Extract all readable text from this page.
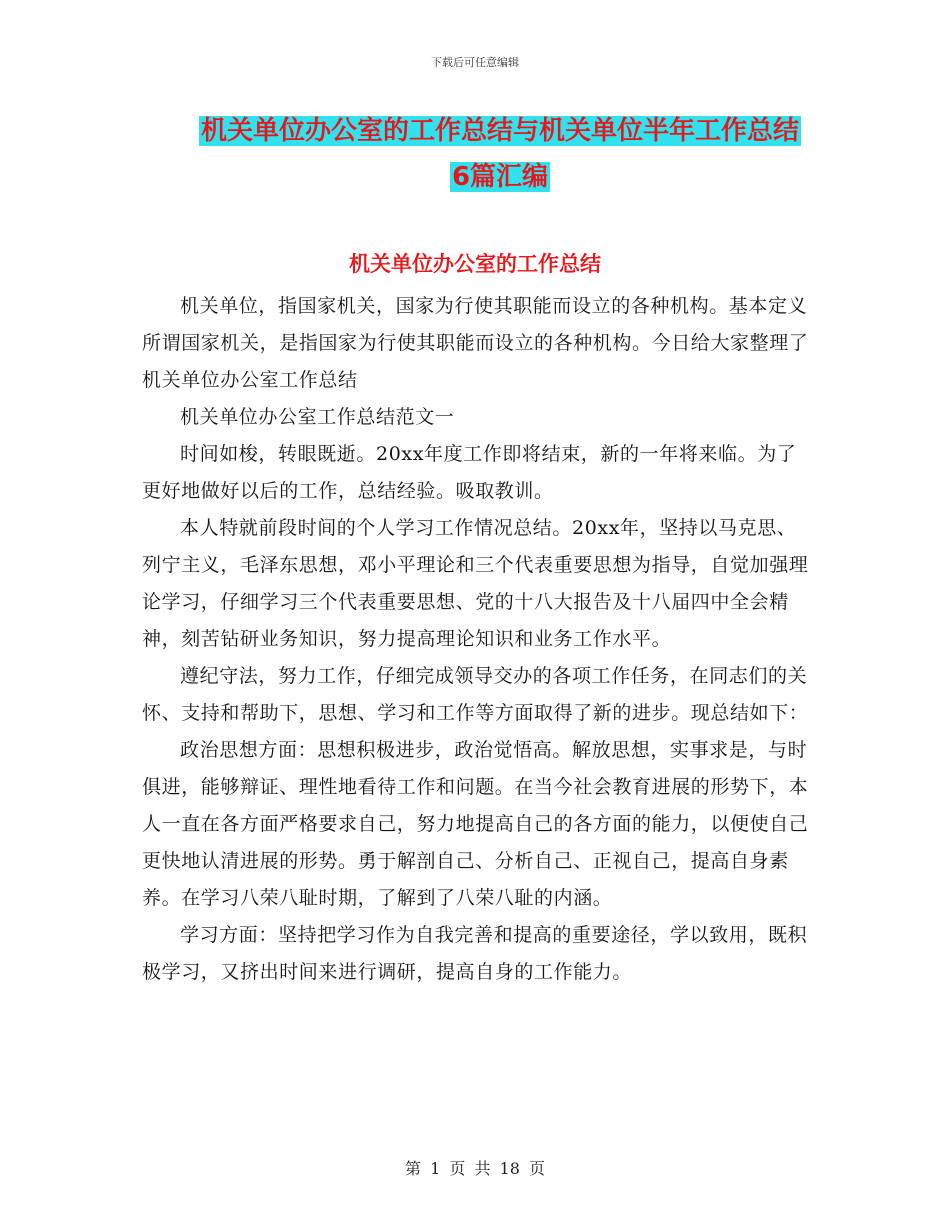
下载后可任意编辑
机关单位办公室的工作总结与机关单位半年工作总结
6篇汇编
机关单位办公室的工作总结

机关单位，指国家机关，国家为行使其职能而设立的各种机构。基本定义所谓国家机关，是指国家为行使其职能而设立的各种机构。今日给大家整理了机关单位办公室工作总结

机关单位办公室工作总结范文一

时间如梭，转眼既逝。20xx年度工作即将结束，新的一年将来临。为了更好地做好以后的工作，总结经验。吸取教训。

本人特就前段时间的个人学习工作情况总结。20xx年，坚持以马克思、列宁主义，毛泽东思想，邓小平理论和三个代表重要思想为指导，自觉加强理论学习，仔细学习三个代表重要思想、党的十八大报告及十八届四中全会精神，刻苦钻研业务知识，努力提高理论知识和业务工作水平。

遵纪守法，努力工作，仔细完成领导交办的各项工作任务，在同志们的关怀、支持和帮助下，思想、学习和工作等方面取得了新的进步。现总结如下：

政治思想方面：思想积极进步，政治觉悟高。解放思想，实事求是，与时俱进，能够辩证、理性地看待工作和问题。在当今社会教育进展的形势下，本人一直在各方面严格要求自己，努力地提高自己的各方面的能力，以便使自己更快地认清进展的形势。勇于解剖自己、分析自己、正视自己，提高自身素养。在学习八荣八耻时期，了解到了八荣八耻的内涵。

学习方面：坚持把学习作为自我完善和提高的重要途径，学以致用，既积极学习，又挤出时间来进行调研，提高自身的工作能力。

第 1 页 共 18 页
